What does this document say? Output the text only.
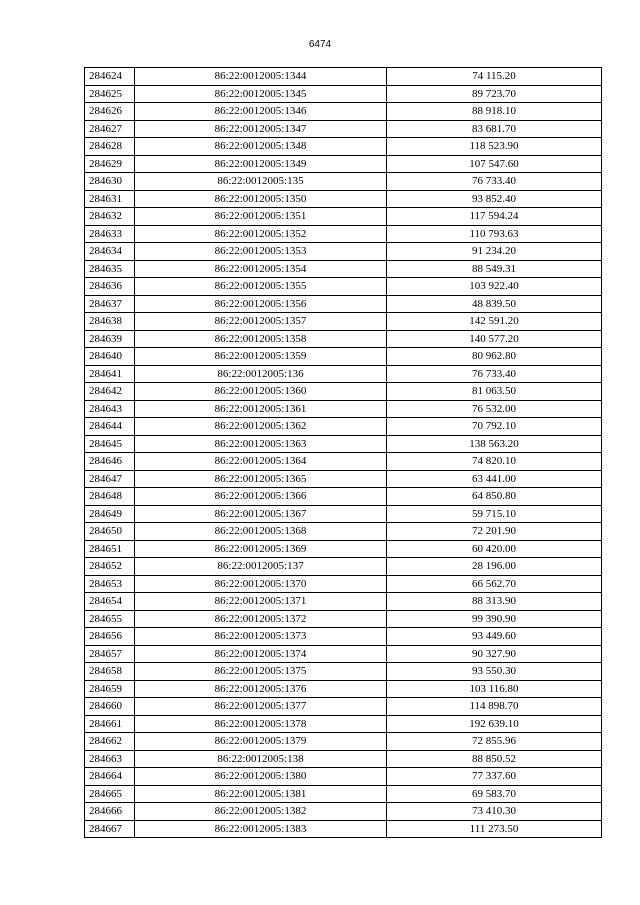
6474
284624	86:22:0012005:1344	74 115.20
284625	86:22:0012005:1345	89 723.70
284626	86:22:0012005:1346	88 918.10
284627	86:22:0012005:1347	83 681.70
284628	86:22:0012005:1348	118 523.90
284629	86:22:0012005:1349	107 547.60
284630	86:22:0012005:135	76 733.40
284631	86:22:0012005:1350	93 852.40
284632	86:22:0012005:1351	117 594.24
284633	86:22:0012005:1352	110 793.63
284634	86:22:0012005:1353	91 234.20
284635	86:22:0012005:1354	88 549.31
284636	86:22:0012005:1355	103 922.40
284637	86:22:0012005:1356	48 839.50
284638	86:22:0012005:1357	142 591.20
284639	86:22:0012005:1358	140 577.20
284640	86:22:0012005:1359	80 962.80
284641	86:22:0012005:136	76 733.40
284642	86:22:0012005:1360	81 063.50
284643	86:22:0012005:1361	76 532.00
284644	86:22:0012005:1362	70 792.10
284645	86:22:0012005:1363	138 563.20
284646	86:22:0012005:1364	74 820.10
284647	86:22:0012005:1365	63 441.00
284648	86:22:0012005:1366	64 850.80
284649	86:22:0012005:1367	59 715.10
284650	86:22:0012005:1368	72 201.90
284651	86:22:0012005:1369	60 420.00
284652	86:22:0012005:137	28 196.00
284653	86:22:0012005:1370	66 562.70
284654	86:22:0012005:1371	88 313.90
284655	86:22:0012005:1372	99 390.90
284656	86:22:0012005:1373	93 449.60
284657	86:22:0012005:1374	90 327.90
284658	86:22:0012005:1375	93 550.30
284659	86:22:0012005:1376	103 116.80
284660	86:22:0012005:1377	114 898.70
284661	86:22:0012005:1378	192 639.10
284662	86:22:0012005:1379	72 855.96
284663	86:22:0012005:138	88 850.52
284664	86:22:0012005:1380	77 337.60
284665	86:22:0012005:1381	69 583.70
284666	86:22:0012005:1382	73 410.30
284667	86:22:0012005:1383	111 273.50
